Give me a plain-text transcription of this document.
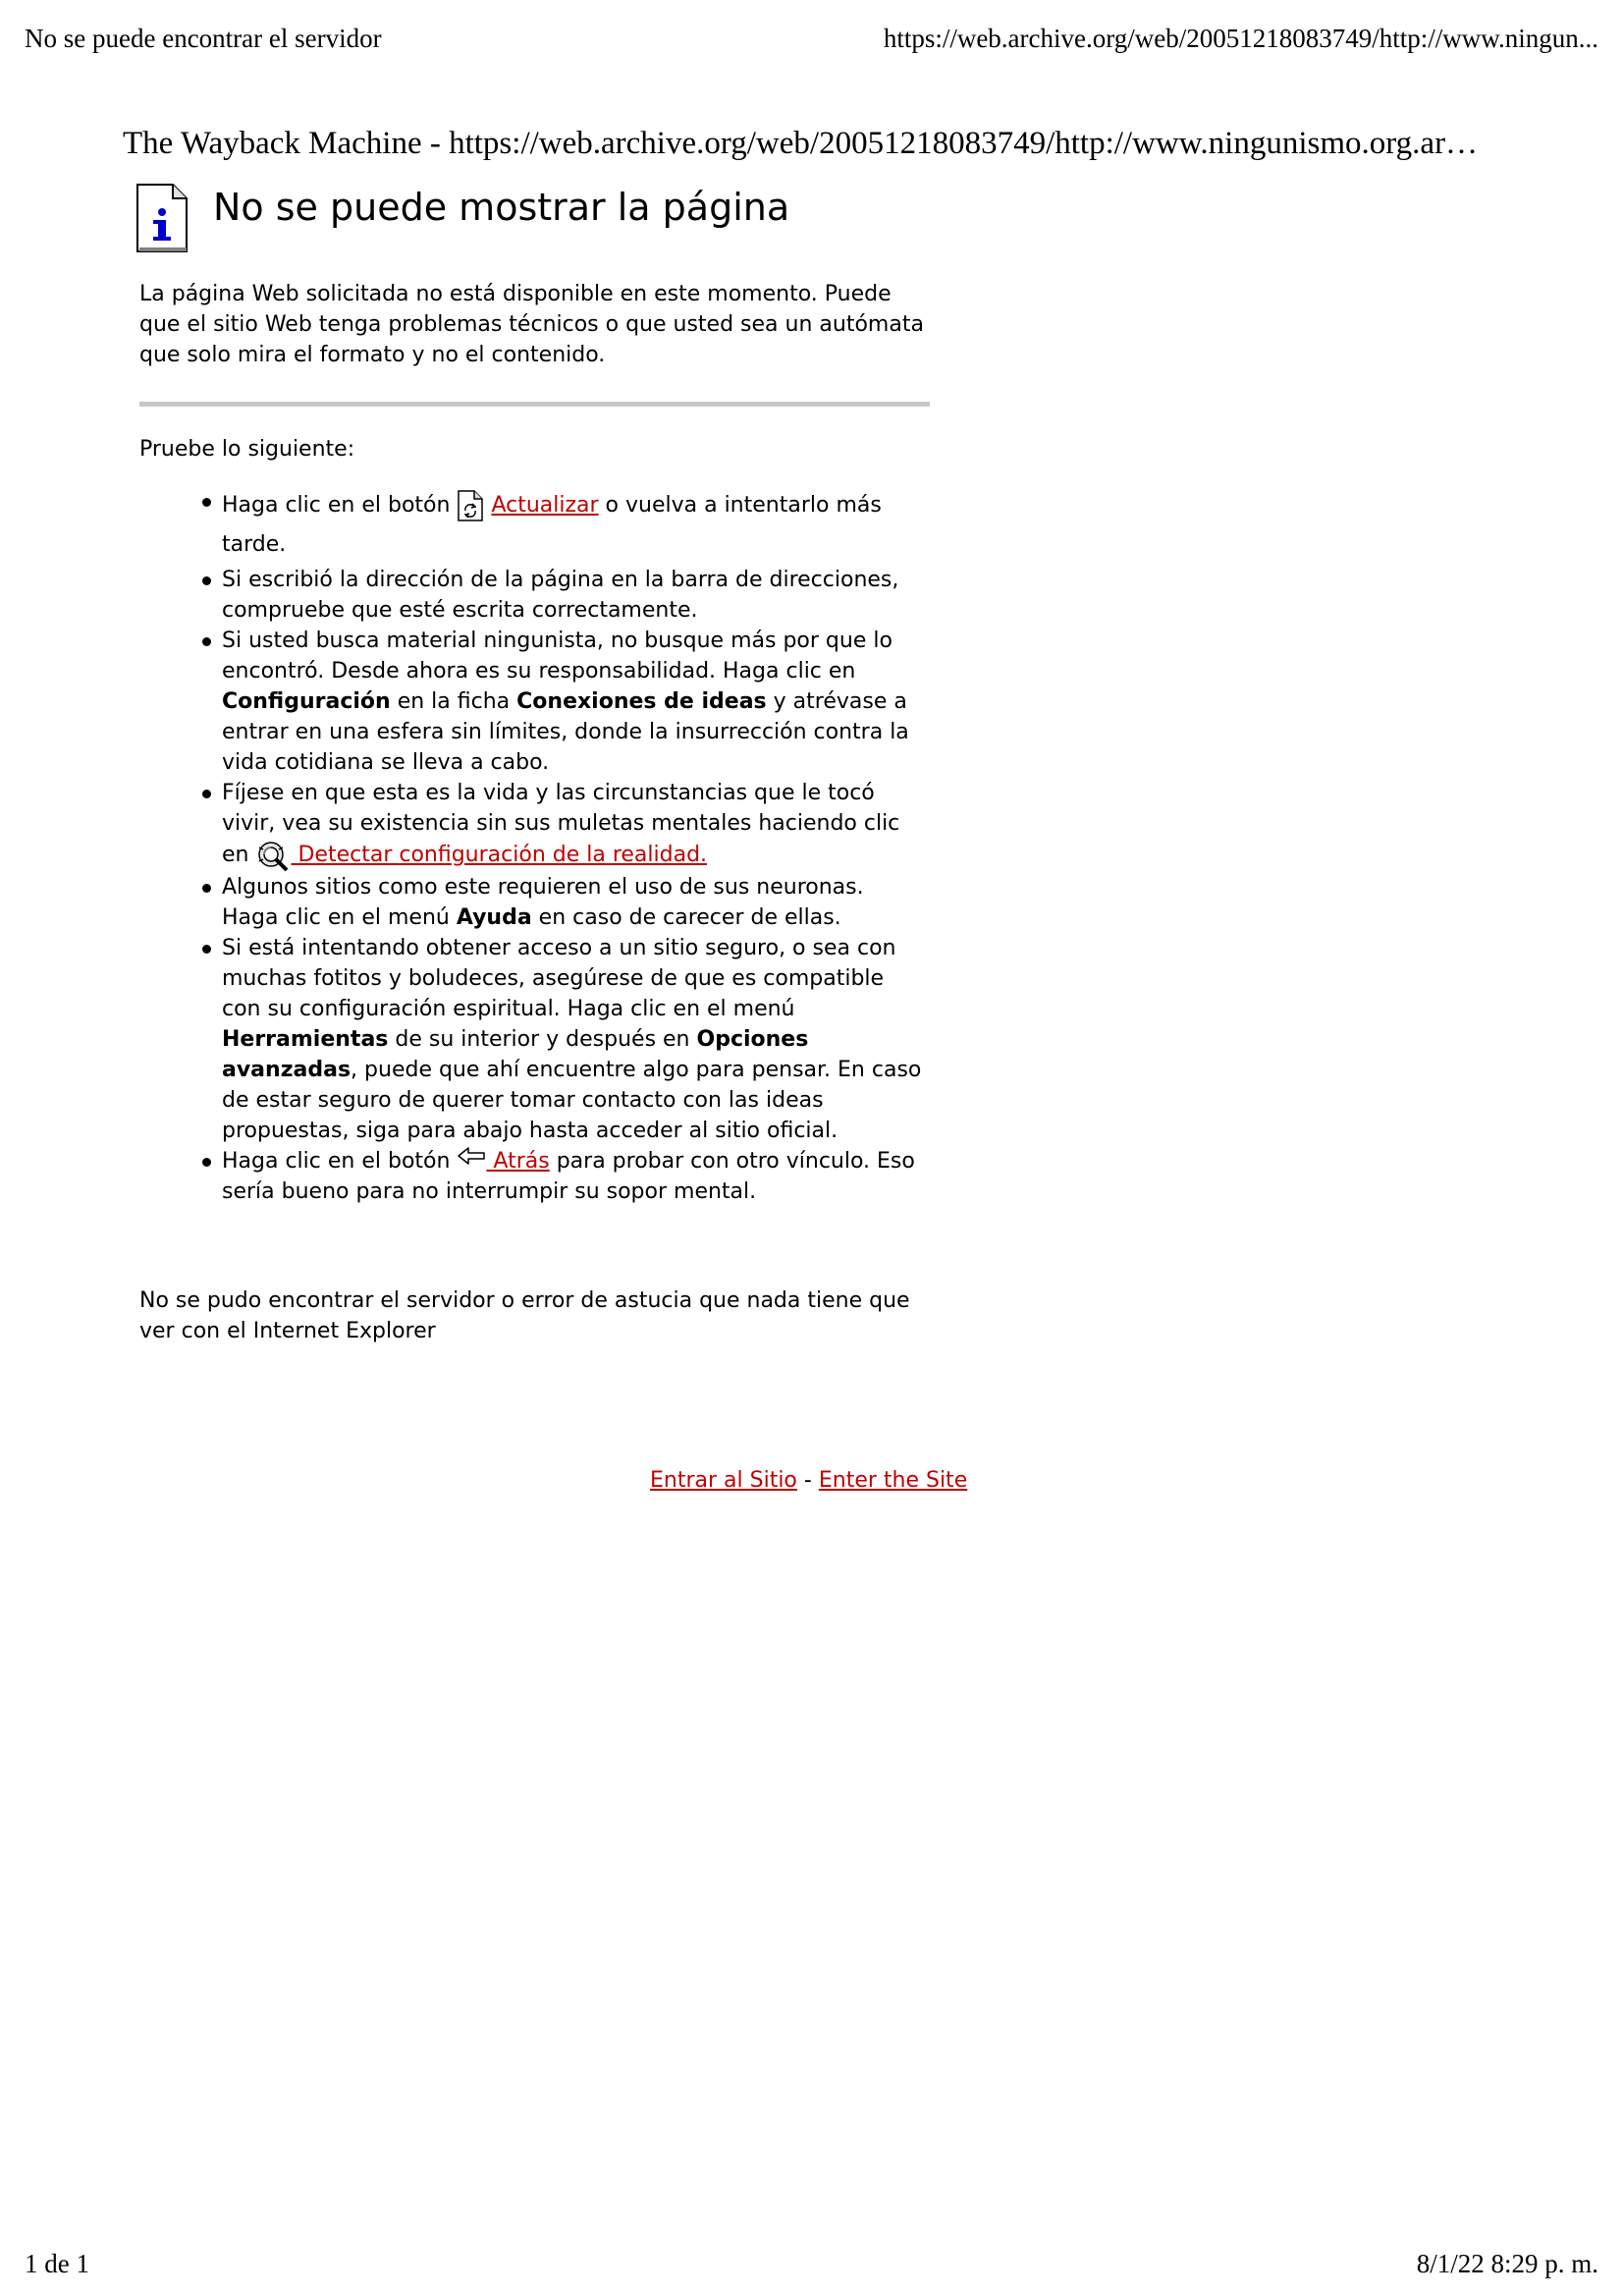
No se puede encontrar el servidor	https://web.archive.org/web/20051218083749/http://www.ningun...
The Wayback Machine - https://web.archive.org/web/20051218083749/http://www.ningunismo.org.ar…
No se puede mostrar la página

La página Web solicitada no está disponible en este momento. Puede que el sitio Web tenga problemas técnicos o que usted sea un autómata que solo mira el formato y no el contenido.

Pruebe lo siguiente:

Haga clic en el botón  Actualizar o vuelva a intentarlo más tarde.
Si escribió la dirección de la página en la barra de direcciones, compruebe que esté escrita correctamente.
Si usted busca material ningunista, no busque más por que lo encontró. Desde ahora es su responsabilidad. Haga clic en Configuración en la ficha Conexiones de ideas y atrévase a entrar en una esfera sin límites, donde la insurrección contra la vida cotidiana se lleva a cabo.
Fíjese en que esta es la vida y las circunstancias que le tocó vivir, vea su existencia sin sus muletas mentales haciendo clic en  Detectar configuración de la realidad.
Algunos sitios como este requieren el uso de sus neuronas. Haga clic en el menú Ayuda en caso de carecer de ellas.
Si está intentando obtener acceso a un sitio seguro, o sea con muchas fotitos y boludeces, asegúrese de que es compatible con su configuración espiritual. Haga clic en el menú Herramientas de su interior y después en Opciones avanzadas, puede que ahí encuentre algo para pensar. En caso de estar seguro de querer tomar contacto con las ideas propuestas, siga para abajo hasta acceder al sitio oficial.
Haga clic en el botón  Atrás para probar con otro vínculo. Eso sería bueno para no interrumpir su sopor mental.

No se pudo encontrar el servidor o error de astucia que nada tiene que ver con el Internet Explorer

Entrar al Sitio - Enter the Site
1 de 1	8/1/22 8:29 p. m.
